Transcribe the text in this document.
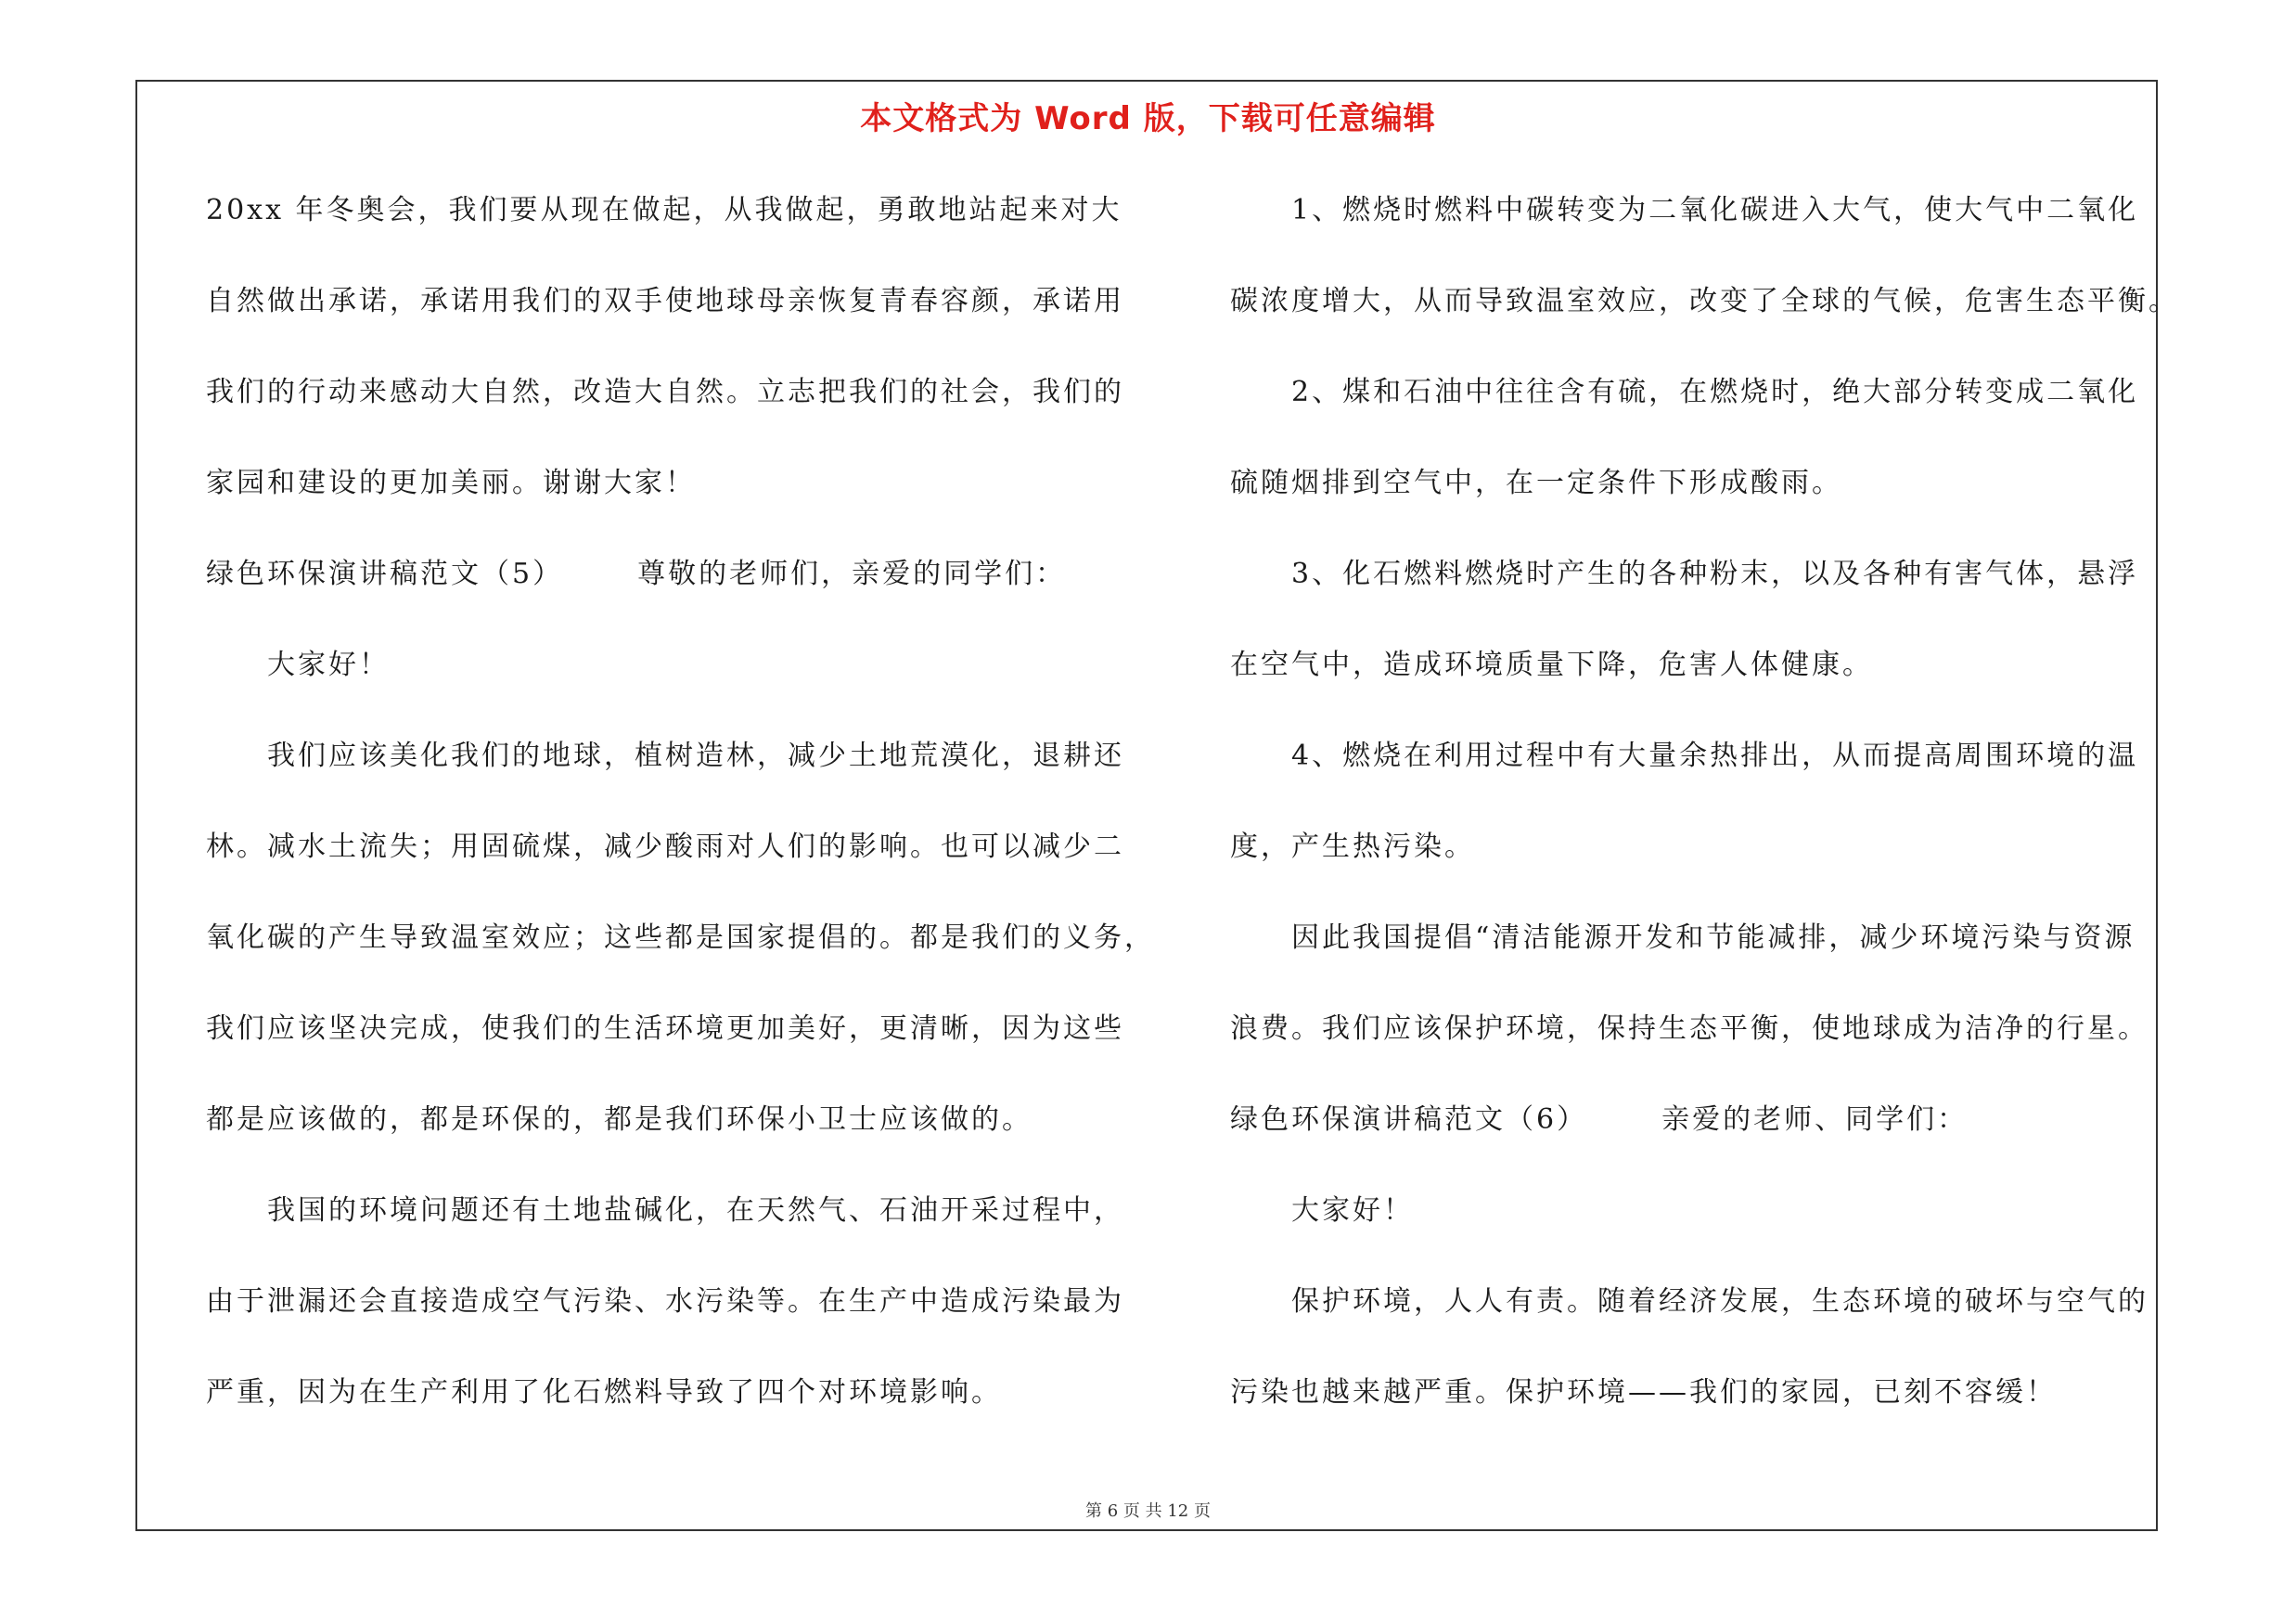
本文格式为 Word 版，下载可任意编辑
20xx 年冬奥会，我们要从现在做起，从我做起，勇敢地站起来对大
自然做出承诺，承诺用我们的双手使地球母亲恢复青春容颜，承诺用
我们的行动来感动大自然，改造大自然。立志把我们的社会，我们的
家园和建设的更加美丽。谢谢大家！
绿色环保演讲稿范文（5）	尊敬的老师们，亲爱的同学们：
大家好！
我们应该美化我们的地球，植树造林，减少土地荒漠化，退耕还
林。减水土流失；用固硫煤，减少酸雨对人们的影响。也可以减少二
氧化碳的产生导致温室效应；这些都是国家提倡的。都是我们的义务，
我们应该坚决完成，使我们的生活环境更加美好，更清晰，因为这些
都是应该做的，都是环保的，都是我们环保小卫士应该做的。
我国的环境问题还有土地盐碱化，在天然气、石油开采过程中，
由于泄漏还会直接造成空气污染、水污染等。在生产中造成污染最为
严重，因为在生产利用了化石燃料导致了四个对环境影响。
1、燃烧时燃料中碳转变为二氧化碳进入大气，使大气中二氧化
碳浓度增大，从而导致温室效应，改变了全球的气候，危害生态平衡。
2、煤和石油中往往含有硫，在燃烧时，绝大部分转变成二氧化
硫随烟排到空气中，在一定条件下形成酸雨。
3、化石燃料燃烧时产生的各种粉末，以及各种有害气体，悬浮
在空气中，造成环境质量下降，危害人体健康。
4、燃烧在利用过程中有大量余热排出，从而提高周围环境的温
度，产生热污染。
因此我国提倡“清洁能源开发和节能减排，减少环境污染与资源
浪费。我们应该保护环境，保持生态平衡，使地球成为洁净的行星。
绿色环保演讲稿范文（6）	亲爱的老师、同学们：
大家好！
保护环境，人人有责。随着经济发展，生态环境的破坏与空气的
污染也越来越严重。保护环境——我们的家园，已刻不容缓！
第 6 页 共 12 页
